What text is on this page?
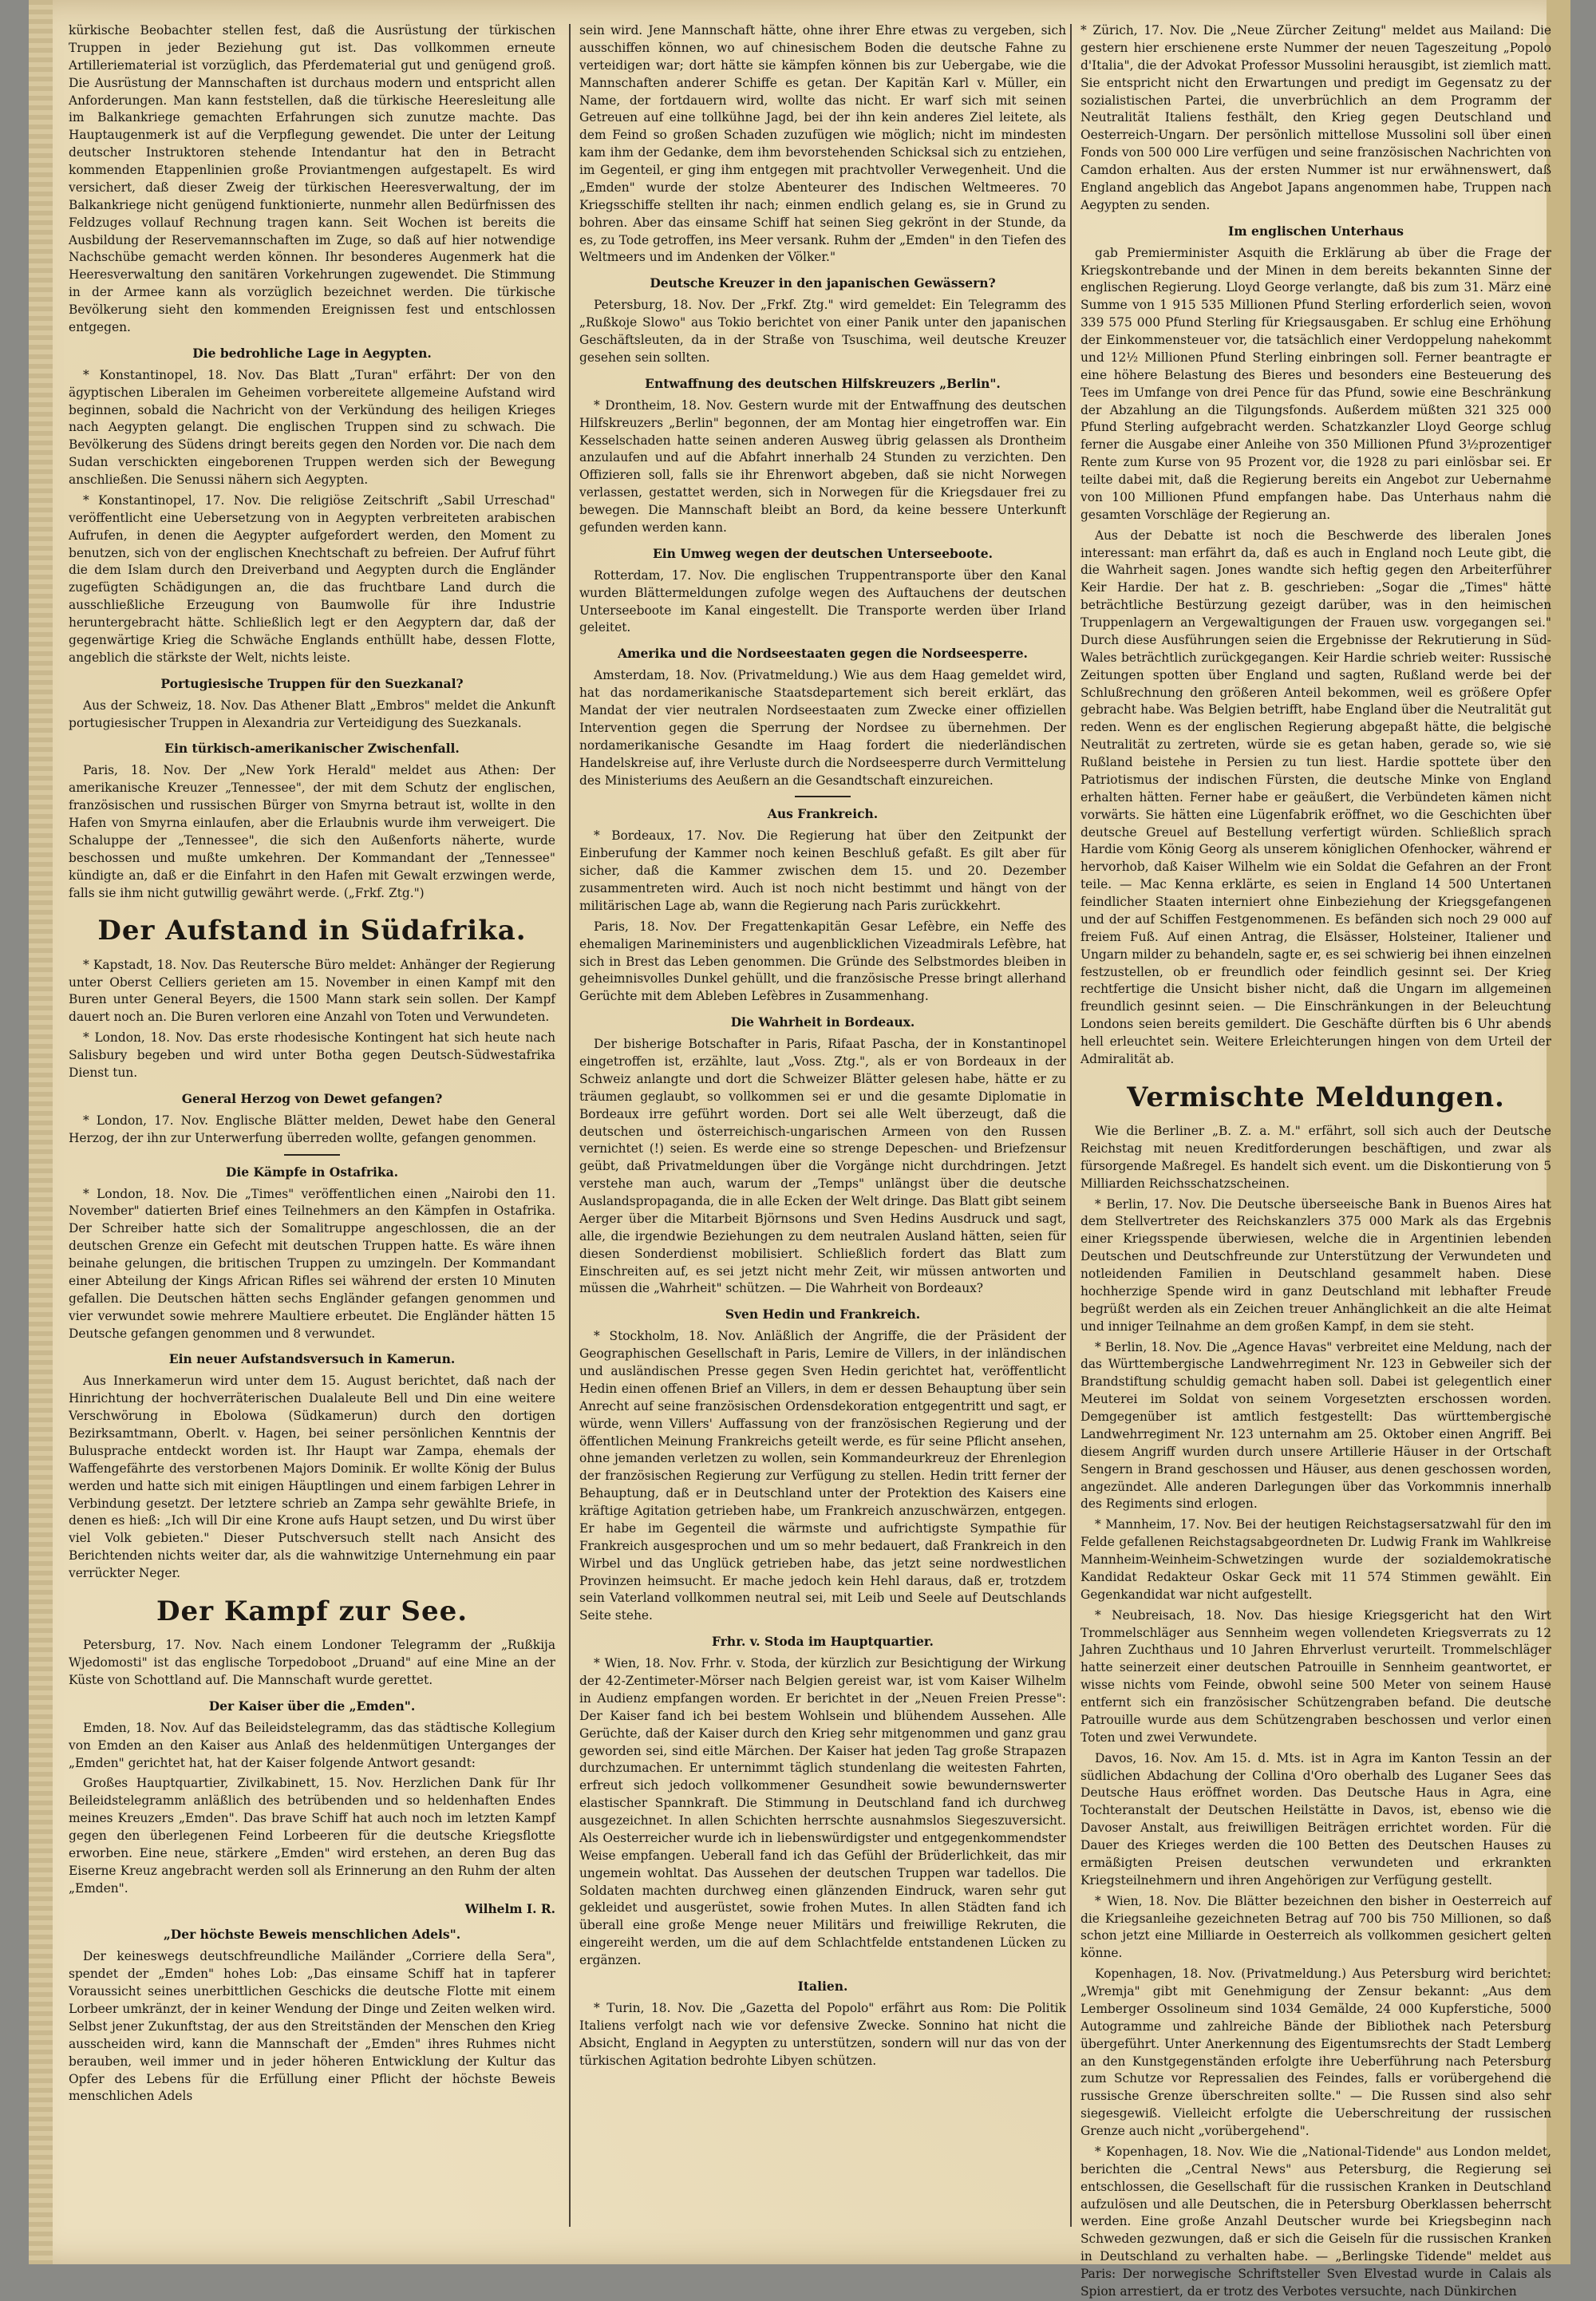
kürkische Beobachter stellen fest, daß die Ausrüstung der türkischen Truppen in jeder Beziehung gut ist. Das vollkommen erneute Artilleriematerial ist vorzüglich, das Pferdematerial gut und genügend groß. Die Ausrüstung der Mannschaften ist durchaus modern und entspricht allen Anforderungen. Man kann feststellen, daß die türkische Heeresleitung alle im Balkankriege gemachten Erfahrungen sich zunutze machte. Das Hauptaugenmerk ist auf die Verpflegung gewendet. Die unter der Leitung deutscher Instruktoren stehende Intendantur hat den in Betracht kommenden Etappenlinien große Proviantmengen aufgestapelt. Es wird versichert, daß dieser Zweig der türkischen Heeresverwaltung, der im Balkankriege nicht genügend funktionierte, nunmehr allen Bedürfnissen des Feldzuges vollauf Rechnung tragen kann. Seit Wochen ist bereits die Ausbildung der Reservemannschaften im Zuge, so daß auf hier notwendige Nachschübe gemacht werden können. Ihr besonderes Augenmerk hat die Heeresverwaltung den sanitären Vorkehrungen zugewendet. Die Stimmung in der Armee kann als vorzüglich bezeichnet werden. Die türkische Bevölkerung sieht den kommenden Ereignissen fest und entschlossen entgegen.

Die bedrohliche Lage in Aegypten.

* Konstantinopel, 18. Nov. Das Blatt „Turan" erfährt: Der von den ägyptischen Liberalen im Geheimen vorbereitete allgemeine Aufstand wird beginnen, sobald die Nachricht von der Verkündung des heiligen Krieges nach Aegypten gelangt. Die englischen Truppen sind zu schwach. Die Bevölkerung des Südens dringt bereits gegen den Norden vor. Die nach dem Sudan verschickten eingeborenen Truppen werden sich der Bewegung anschließen. Die Senussi nähern sich Aegypten.

* Konstantinopel, 17. Nov. Die religiöse Zeitschrift „Sabil Urreschad" veröffentlicht eine Uebersetzung von in Aegypten verbreiteten arabischen Aufrufen, in denen die Aegypter aufgefordert werden, den Moment zu benutzen, sich von der englischen Knechtschaft zu befreien. Der Aufruf führt die dem Islam durch den Dreiverband und Aegypten durch die Engländer zugefügten Schädigungen an, die das fruchtbare Land durch die ausschließliche Erzeugung von Baumwolle für ihre Industrie heruntergebracht hätte. Schließlich legt er den Aegyptern dar, daß der gegenwärtige Krieg die Schwäche Englands enthüllt habe, dessen Flotte, angeblich die stärkste der Welt, nichts leiste.

Portugiesische Truppen für den Suezkanal?

Aus der Schweiz, 18. Nov. Das Athener Blatt „Embros" meldet die Ankunft portugiesischer Truppen in Alexandria zur Verteidigung des Suezkanals.

Ein türkisch-amerikanischer Zwischenfall.

Paris, 18. Nov. Der „New York Herald" meldet aus Athen: Der amerikanische Kreuzer „Tennessee", der mit dem Schutz der englischen, französischen und russischen Bürger von Smyrna betraut ist, wollte in den Hafen von Smyrna einlaufen, aber die Erlaubnis wurde ihm verweigert. Die Schaluppe der „Tennessee", die sich den Außenforts näherte, wurde beschossen und mußte umkehren. Der Kommandant der „Tennessee" kündigte an, daß er die Einfahrt in den Hafen mit Gewalt erzwingen werde, falls sie ihm nicht gutwillig gewährt werde. („Frkf. Ztg.")

Der Aufstand in Südafrika.

* Kapstadt, 18. Nov. Das Reutersche Büro meldet: Anhänger der Regierung unter Oberst Celliers gerieten am 15. November in einen Kampf mit den Buren unter General Beyers, die 1500 Mann stark sein sollen. Der Kampf dauert noch an. Die Buren verloren eine Anzahl von Toten und Verwundeten.

* London, 18. Nov. Das erste rhodesische Kontingent hat sich heute nach Salisbury begeben und wird unter Botha gegen Deutsch-Südwestafrika Dienst tun.

General Herzog von Dewet gefangen?

* London, 17. Nov. Englische Blätter melden, Dewet habe den General Herzog, der ihn zur Unterwerfung überreden wollte, gefangen genommen.

Die Kämpfe in Ostafrika.

* London, 18. Nov. Die „Times" veröffentlichen einen „Nairobi den 11. November" datierten Brief eines Teilnehmers an den Kämpfen in Ostafrika. Der Schreiber hatte sich der Somalitruppe angeschlossen, die an der deutschen Grenze ein Gefecht mit deutschen Truppen hatte. Es wäre ihnen beinahe gelungen, die britischen Truppen zu umzingeln. Der Kommandant einer Abteilung der Kings African Rifles sei während der ersten 10 Minuten gefallen. Die Deutschen hätten sechs Engländer gefangen genommen und vier verwundet sowie mehrere Maultiere erbeutet. Die Engländer hätten 15 Deutsche gefangen genommen und 8 verwundet.

Ein neuer Aufstandsversuch in Kamerun.

Aus Innerkamerun wird unter dem 15. August berichtet, daß nach der Hinrichtung der hochverräterischen Dualaleute Bell und Din eine weitere Verschwörung in Ebolowa (Südkamerun) durch den dortigen Bezirksamtmann, Oberlt. v. Hagen, bei seiner persönlichen Kenntnis der Bulusprache entdeckt worden ist. Ihr Haupt war Zampa, ehemals der Waffengefährte des verstorbenen Majors Dominik. Er wollte König der Bulus werden und hatte sich mit einigen Häuptlingen und einem farbigen Lehrer in Verbindung gesetzt. Der letztere schrieb an Zampa sehr gewählte Briefe, in denen es hieß: „Ich will Dir eine Krone aufs Haupt setzen, und Du wirst über viel Volk gebieten." Dieser Putschversuch stellt nach Ansicht des Berichtenden nichts weiter dar, als die wahnwitzige Unternehmung ein paar verrückter Neger.

Der Kampf zur See.

Petersburg, 17. Nov. Nach einem Londoner Telegramm der „Rußkija Wjedomosti" ist das englische Torpedoboot „Druand" auf eine Mine an der Küste von Schottland auf. Die Mannschaft wurde gerettet.

Der Kaiser über die „Emden".

Emden, 18. Nov. Auf das Beileidstelegramm, das das städtische Kollegium von Emden an den Kaiser aus Anlaß des heldenmütigen Unterganges der „Emden" gerichtet hat, hat der Kaiser folgende Antwort gesandt:

Großes Hauptquartier, Zivilkabinett, 15. Nov. Herzlichen Dank für Ihr Beileidstelegramm anläßlich des betrübenden und so heldenhaften Endes meines Kreuzers „Emden". Das brave Schiff hat auch noch im letzten Kampf gegen den überlegenen Feind Lorbeeren für die deutsche Kriegsflotte erworben. Eine neue, stärkere „Emden" wird erstehen, an deren Bug das Eiserne Kreuz angebracht werden soll als Erinnerung an den Ruhm der alten „Emden".

Wilhelm I. R.

„Der höchste Beweis menschlichen Adels".

Der keineswegs deutschfreundliche Mailänder „Corriere della Sera", spendet der „Emden" hohes Lob: „Das einsame Schiff hat in tapferer Voraussicht seines unerbittlichen Geschicks die deutsche Flotte mit einem Lorbeer umkränzt, der in keiner Wendung der Dinge und Zeiten welken wird. Selbst jener Zukunftstag, der aus den Streitständen der Menschen den Krieg ausscheiden wird, kann die Mannschaft der „Emden" ihres Ruhmes nicht berauben, weil immer und in jeder höheren Entwicklung der Kultur das Opfer des Lebens für die Erfüllung einer Pflicht der höchste Beweis menschlichen Adels

sein wird. Jene Mannschaft hätte, ohne ihrer Ehre etwas zu vergeben, sich ausschiffen können, wo auf chinesischem Boden die deutsche Fahne zu verteidigen war; dort hätte sie kämpfen können bis zur Uebergabe, wie die Mannschaften anderer Schiffe es getan. Der Kapitän Karl v. Müller, ein Name, der fortdauern wird, wollte das nicht. Er warf sich mit seinen Getreuen auf eine tollkühne Jagd, bei der ihn kein anderes Ziel leitete, als dem Feind so großen Schaden zuzufügen wie möglich; nicht im mindesten kam ihm der Gedanke, dem ihm bevorstehenden Schicksal sich zu entziehen, im Gegenteil, er ging ihm entgegen mit prachtvoller Verwegenheit. Und die „Emden" wurde der stolze Abenteurer des Indischen Weltmeeres. 70 Kriegsschiffe stellten ihr nach; einmen endlich gelang es, sie in Grund zu bohren. Aber das einsame Schiff hat seinen Sieg gekrönt in der Stunde, da es, zu Tode getroffen, ins Meer versank. Ruhm der „Emden" in den Tiefen des Weltmeers und im Andenken der Völker."

Deutsche Kreuzer in den japanischen Gewässern?

Petersburg, 18. Nov. Der „Frkf. Ztg." wird gemeldet: Ein Telegramm des „Rußkoje Slowo" aus Tokio berichtet von einer Panik unter den japanischen Geschäftsleuten, da in der Straße von Tsuschima, weil deutsche Kreuzer gesehen sein sollten.

Entwaffnung des deutschen Hilfskreuzers „Berlin".

* Drontheim, 18. Nov. Gestern wurde mit der Entwaffnung des deutschen Hilfskreuzers „Berlin" begonnen, der am Montag hier eingetroffen war. Ein Kesselschaden hatte seinen anderen Ausweg übrig gelassen als Drontheim anzulaufen und auf die Abfahrt innerhalb 24 Stunden zu verzichten. Den Offizieren soll, falls sie ihr Ehrenwort abgeben, daß sie nicht Norwegen verlassen, gestattet werden, sich in Norwegen für die Kriegsdauer frei zu bewegen. Die Mannschaft bleibt an Bord, da keine bessere Unterkunft gefunden werden kann.

Ein Umweg wegen der deutschen Unterseeboote.

Rotterdam, 17. Nov. Die englischen Truppentransporte über den Kanal wurden Blättermeldungen zufolge wegen des Auftauchens der deutschen Unterseeboote im Kanal eingestellt. Die Transporte werden über Irland geleitet.

Amerika und die Nordseestaaten gegen die Nordseesperre.

Amsterdam, 18. Nov. (Privatmeldung.) Wie aus dem Haag gemeldet wird, hat das nordamerikanische Staatsdepartement sich bereit erklärt, das Mandat der vier neutralen Nordseestaaten zum Zwecke einer offiziellen Intervention gegen die Sperrung der Nordsee zu übernehmen. Der nordamerikanische Gesandte im Haag fordert die niederländischen Handelskreise auf, ihre Verluste durch die Nordseesperre durch Vermittelung des Ministeriums des Aeußern an die Gesandtschaft einzureichen.

Aus Frankreich.

* Bordeaux, 17. Nov. Die Regierung hat über den Zeitpunkt der Einberufung der Kammer noch keinen Beschluß gefaßt. Es gilt aber für sicher, daß die Kammer zwischen dem 15. und 20. Dezember zusammentreten wird. Auch ist noch nicht bestimmt und hängt von der militärischen Lage ab, wann die Regierung nach Paris zurückkehrt.

Paris, 18. Nov. Der Fregattenkapitän Gesar Lefèbre, ein Neffe des ehemaligen Marineministers und augenblicklichen Vizeadmirals Lefèbre, hat sich in Brest das Leben genommen. Die Gründe des Selbstmordes bleiben in geheimnisvolles Dunkel gehüllt, und die französische Presse bringt allerhand Gerüchte mit dem Ableben Lefèbres in Zusammenhang.

Die Wahrheit in Bordeaux.

Der bisherige Botschafter in Paris, Rifaat Pascha, der in Konstantinopel eingetroffen ist, erzählte, laut „Voss. Ztg.", als er von Bordeaux in der Schweiz anlangte und dort die Schweizer Blätter gelesen habe, hätte er zu träumen geglaubt, so vollkommen sei er und die gesamte Diplomatie in Bordeaux irre geführt worden. Dort sei alle Welt überzeugt, daß die deutschen und österreichisch-ungarischen Armeen von den Russen vernichtet (!) seien. Es werde eine so strenge Depeschen- und Briefzensur geübt, daß Privatmeldungen über die Vorgänge nicht durchdringen. Jetzt verstehe man auch, warum der „Temps" unlängst über die deutsche Auslandspropaganda, die in alle Ecken der Welt dringe. Das Blatt gibt seinem Aerger über die Mitarbeit Björnsons und Sven Hedins Ausdruck und sagt, alle, die irgendwie Beziehungen zu dem neutralen Ausland hätten, seien für diesen Sonderdienst mobilisiert. Schließlich fordert das Blatt zum Einschreiten auf, es sei jetzt nicht mehr Zeit, wir müssen antworten und müssen die „Wahrheit" schützen. — Die Wahrheit von Bordeaux?

Sven Hedin und Frankreich.

* Stockholm, 18. Nov. Anläßlich der Angriffe, die der Präsident der Geographischen Gesellschaft in Paris, Lemire de Villers, in der inländischen und ausländischen Presse gegen Sven Hedin gerichtet hat, veröffentlicht Hedin einen offenen Brief an Villers, in dem er dessen Behauptung über sein Anrecht auf seine französischen Ordensdekoration entgegentritt und sagt, er würde, wenn Villers' Auffassung von der französischen Regierung und der öffentlichen Meinung Frankreichs geteilt werde, es für seine Pflicht ansehen, ohne jemanden verletzen zu wollen, sein Kommandeurkreuz der Ehrenlegion der französischen Regierung zur Verfügung zu stellen. Hedin tritt ferner der Behauptung, daß er in Deutschland unter der Protektion des Kaisers eine kräftige Agitation getrieben habe, um Frankreich anzuschwärzen, entgegen. Er habe im Gegenteil die wärmste und aufrichtigste Sympathie für Frankreich ausgesprochen und um so mehr bedauert, daß Frankreich in den Wirbel und das Unglück getrieben habe, das jetzt seine nordwestlichen Provinzen heimsucht. Er mache jedoch kein Hehl daraus, daß er, trotzdem sein Vaterland vollkommen neutral sei, mit Leib und Seele auf Deutschlands Seite stehe.

Frhr. v. Stoda im Hauptquartier.

* Wien, 18. Nov. Frhr. v. Stoda, der kürzlich zur Besichtigung der Wirkung der 42-Zentimeter-Mörser nach Belgien gereist war, ist vom Kaiser Wilhelm in Audienz empfangen worden. Er berichtet in der „Neuen Freien Presse": Der Kaiser fand ich bei bestem Wohlsein und blühendem Aussehen. Alle Gerüchte, daß der Kaiser durch den Krieg sehr mitgenommen und ganz grau geworden sei, sind eitle Märchen. Der Kaiser hat jeden Tag große Strapazen durchzumachen. Er unternimmt täglich stundenlang die weitesten Fahrten, erfreut sich jedoch vollkommener Gesundheit sowie bewundernswerter elastischer Spannkraft. Die Stimmung in Deutschland fand ich durchweg ausgezeichnet. In allen Schichten herrschte ausnahmslos Siegeszuversicht. Als Oesterreicher wurde ich in liebenswürdigster und entgegenkommendster Weise empfangen. Ueberall fand ich das Gefühl der Brüderlichkeit, das mir ungemein wohltat. Das Aussehen der deutschen Truppen war tadellos. Die Soldaten machten durchweg einen glänzenden Eindruck, waren sehr gut gekleidet und ausgerüstet, sowie frohen Mutes. In allen Städten fand ich überall eine große Menge neuer Militärs und freiwillige Rekruten, die eingereiht werden, um die auf dem Schlachtfelde entstandenen Lücken zu ergänzen.

Italien.

* Turin, 18. Nov. Die „Gazetta del Popolo" erfährt aus Rom: Die Politik Italiens verfolgt nach wie vor defensive Zwecke. Sonnino hat nicht die Absicht, England in Aegypten zu unterstützen, sondern will nur das von der türkischen Agitation bedrohte Libyen schützen.

* Zürich, 17. Nov. Die „Neue Zürcher Zeitung" meldet aus Mailand: Die gestern hier erschienene erste Nummer der neuen Tageszeitung „Popolo d'Italia", die der Advokat Professor Mussolini herausgibt, ist ziemlich matt. Sie entspricht nicht den Erwartungen und predigt im Gegensatz zu der sozialistischen Partei, die unverbrüchlich an dem Programm der Neutralität Italiens festhält, den Krieg gegen Deutschland und Oesterreich-Ungarn. Der persönlich mittellose Mussolini soll über einen Fonds von 500 000 Lire verfügen und seine französischen Nachrichten von Camdon erhalten. Aus der ersten Nummer ist nur erwähnenswert, daß England angeblich das Angebot Japans angenommen habe, Truppen nach Aegypten zu senden.

Im englischen Unterhaus

gab Premierminister Asquith die Erklärung ab über die Frage der Kriegskontrebande und der Minen in dem bereits bekannten Sinne der englischen Regierung. Lloyd George verlangte, daß bis zum 31. März eine Summe von 1 915 535 Millionen Pfund Sterling erforderlich seien, wovon 339 575 000 Pfund Sterling für Kriegsausgaben. Er schlug eine Erhöhung der Einkommensteuer vor, die tatsächlich einer Verdoppelung nahekommt und 12½ Millionen Pfund Sterling einbringen soll. Ferner beantragte er eine höhere Belastung des Bieres und besonders eine Besteuerung des Tees im Umfange von drei Pence für das Pfund, sowie eine Beschränkung der Abzahlung an die Tilgungsfonds. Außerdem müßten 321 325 000 Pfund Sterling aufgebracht werden. Schatzkanzler Lloyd George schlug ferner die Ausgabe einer Anleihe von 350 Millionen Pfund 3½prozentiger Rente zum Kurse von 95 Prozent vor, die 1928 zu pari einlösbar sei. Er teilte dabei mit, daß die Regierung bereits ein Angebot zur Uebernahme von 100 Millionen Pfund empfangen habe. Das Unterhaus nahm die gesamten Vorschläge der Regierung an.

Aus der Debatte ist noch die Beschwerde des liberalen Jones interessant: man erfährt da, daß es auch in England noch Leute gibt, die die Wahrheit sagen. Jones wandte sich heftig gegen den Arbeiterführer Keir Hardie. Der hat z. B. geschrieben: „Sogar die „Times" hätte beträchtliche Bestürzung gezeigt darüber, was in den heimischen Truppenlagern an Vergewaltigungen der Frauen usw. vorgegangen sei." Durch diese Ausführungen seien die Ergebnisse der Rekrutierung in Süd-Wales beträchtlich zurückgegangen. Keir Hardie schrieb weiter: Russische Zeitungen spotten über England und sagten, Rußland werde bei der Schlußrechnung den größeren Anteil bekommen, weil es größere Opfer gebracht habe. Was Belgien betrifft, habe England über die Neutralität gut reden. Wenn es der englischen Regierung abgepaßt hätte, die belgische Neutralität zu zertreten, würde sie es getan haben, gerade so, wie sie Rußland beistehe in Persien zu tun liest. Hardie spottete über den Patriotismus der indischen Fürsten, die deutsche Minke von England erhalten hätten. Ferner habe er geäußert, die Verbündeten kämen nicht vorwärts. Sie hätten eine Lügenfabrik eröffnet, wo die Geschichten über deutsche Greuel auf Bestellung verfertigt würden. Schließlich sprach Hardie vom König Georg als unserem königlichen Ofenhocker, während er hervorhob, daß Kaiser Wilhelm wie ein Soldat die Gefahren an der Front teile. — Mac Kenna erklärte, es seien in England 14 500 Untertanen feindlicher Staaten interniert ohne Einbeziehung der Kriegsgefangenen und der auf Schiffen Festgenommenen. Es befänden sich noch 29 000 auf freiem Fuß. Auf einen Antrag, die Elsässer, Holsteiner, Italiener und Ungarn milder zu behandeln, sagte er, es sei schwierig bei ihnen einzelnen festzustellen, ob er freundlich oder feindlich gesinnt sei. Der Krieg rechtfertige die Unsicht bisher nicht, daß die Ungarn im allgemeinen freundlich gesinnt seien. — Die Einschränkungen in der Beleuchtung Londons seien bereits gemildert. Die Geschäfte dürften bis 6 Uhr abends hell erleuchtet sein. Weitere Erleichterungen hingen von dem Urteil der Admiralität ab.

Vermischte Meldungen.

Wie die Berliner „B. Z. a. M." erfährt, soll sich auch der Deutsche Reichstag mit neuen Kreditforderungen beschäftigen, und zwar als fürsorgende Maßregel. Es handelt sich event. um die Diskontierung von 5 Milliarden Reichsschatzscheinen.

* Berlin, 17. Nov. Die Deutsche überseeische Bank in Buenos Aires hat dem Stellvertreter des Reichskanzlers 375 000 Mark als das Ergebnis einer Kriegsspende überwiesen, welche die in Argentinien lebenden Deutschen und Deutschfreunde zur Unterstützung der Verwundeten und notleidenden Familien in Deutschland gesammelt haben. Diese hochherzige Spende wird in ganz Deutschland mit lebhafter Freude begrüßt werden als ein Zeichen treuer Anhänglichkeit an die alte Heimat und inniger Teilnahme an dem großen Kampf, in dem sie steht.

* Berlin, 18. Nov. Die „Agence Havas" verbreitet eine Meldung, nach der das Württembergische Landwehrregiment Nr. 123 in Gebweiler sich der Brandstiftung schuldig gemacht haben soll. Dabei ist gelegentlich einer Meuterei im Soldat von seinem Vorgesetzten erschossen worden. Demgegenüber ist amtlich festgestellt: Das württembergische Landwehrregiment Nr. 123 unternahm am 25. Oktober einen Angriff. Bei diesem Angriff wurden durch unsere Artillerie Häuser in der Ortschaft Sengern in Brand geschossen und Häuser, aus denen geschossen worden, angezündet. Alle anderen Darlegungen über das Vorkommnis innerhalb des Regiments sind erlogen.

* Mannheim, 17. Nov. Bei der heutigen Reichstagsersatzwahl für den im Felde gefallenen Reichstagsabgeordneten Dr. Ludwig Frank im Wahlkreise Mannheim-Weinheim-Schwetzingen wurde der sozialdemokratische Kandidat Redakteur Oskar Geck mit 11 574 Stimmen gewählt. Ein Gegenkandidat war nicht aufgestellt.

* Neubreisach, 18. Nov. Das hiesige Kriegsgericht hat den Wirt Trommelschläger aus Sennheim wegen vollendeten Kriegsverrats zu 12 Jahren Zuchthaus und 10 Jahren Ehrverlust verurteilt. Trommelschläger hatte seinerzeit einer deutschen Patrouille in Sennheim geantwortet, er wisse nichts vom Feinde, obwohl seine 500 Meter von seinem Hause entfernt sich ein französischer Schützengraben befand. Die deutsche Patrouille wurde aus dem Schützengraben beschossen und verlor einen Toten und zwei Verwundete.

Davos, 16. Nov. Am 15. d. Mts. ist in Agra im Kanton Tessin an der südlichen Abdachung der Collina d'Oro oberhalb des Luganer Sees das Deutsche Haus eröffnet worden. Das Deutsche Haus in Agra, eine Tochteranstalt der Deutschen Heilstätte in Davos, ist, ebenso wie die Davoser Anstalt, aus freiwilligen Beiträgen errichtet worden. Für die Dauer des Krieges werden die 100 Betten des Deutschen Hauses zu ermäßigten Preisen deutschen verwundeten und erkrankten Kriegsteilnehmern und ihren Angehörigen zur Verfügung gestellt.

* Wien, 18. Nov. Die Blätter bezeichnen den bisher in Oesterreich auf die Kriegsanleihe gezeichneten Betrag auf 700 bis 750 Millionen, so daß schon jetzt eine Milliarde in Oesterreich als vollkommen gesichert gelten könne.

Kopenhagen, 18. Nov. (Privatmeldung.) Aus Petersburg wird berichtet: „Wremja" gibt mit Genehmigung der Zensur bekannt: „Aus dem Lemberger Ossolineum sind 1034 Gemälde, 24 000 Kupferstiche, 5000 Autogramme und zahlreiche Bände der Bibliothek nach Petersburg übergeführt. Unter Anerkennung des Eigentumsrechts der Stadt Lemberg an den Kunstgegenständen erfolgte ihre Ueberführung nach Petersburg zum Schutze vor Repressalien des Feindes, falls er vorübergehend die russische Grenze überschreiten sollte." — Die Russen sind also sehr siegesgewiß. Vielleicht erfolgte die Ueberschreitung der russischen Grenze auch nicht „vorübergehend".

* Kopenhagen, 18. Nov. Wie die „National-Tidende" aus London meldet, berichten die „Central News" aus Petersburg, die Regierung sei entschlossen, die Gesellschaft für die russischen Kranken in Deutschland aufzulösen und alle Deutschen, die in Petersburg Oberklassen beherrscht werden. Eine große Anzahl Deutscher wurde bei Kriegsbeginn nach Schweden gezwungen, daß er sich die Geiseln für die russischen Kranken in Deutschland zu verhalten habe. — „Berlingske Tidende" meldet aus Paris: Der norwegische Schriftsteller Sven Elvestad wurde in Calais als Spion arrestiert, da er trotz des Verbotes versuchte, nach Dünkirchen
